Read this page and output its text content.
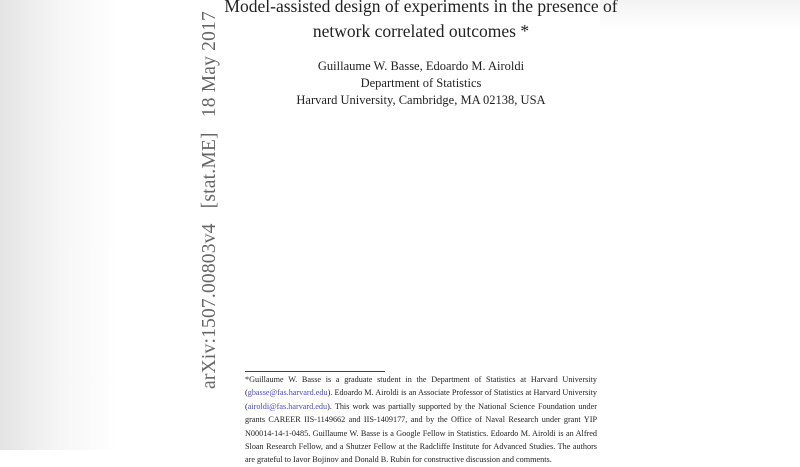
Model-assisted design of experiments in the presence of
network correlated outcomes *
Guillaume W. Basse, Edoardo M. Airoldi
Department of Statistics
Harvard University, Cambridge, MA 02138, USA
arXiv:1507.00803v4 [stat.ME] 18 May 2017
*Guillaume W. Basse is a graduate student in the Department of Statistics at Harvard University (gbasse@fas.harvard.edu). Edoardo M. Airoldi is an Associate Professor of Statistics at Harvard University (airoldi@fas.harvard.edu). This work was partially supported by the National Science Foundation under grants CAREER IIS-1149662 and IIS-1409177, and by the Office of Naval Research under grant YIP N00014-14-1-0485. Guillaume W. Basse is a Google Fellow in Statistics. Edoardo M. Airoldi is an Alfred Sloan Research Fellow, and a Shutzer Fellow at the Radcliffe Institute for Advanced Studies. The authors are grateful to Iavor Bojinov and Donald B. Rubin for constructive discussion and comments.
